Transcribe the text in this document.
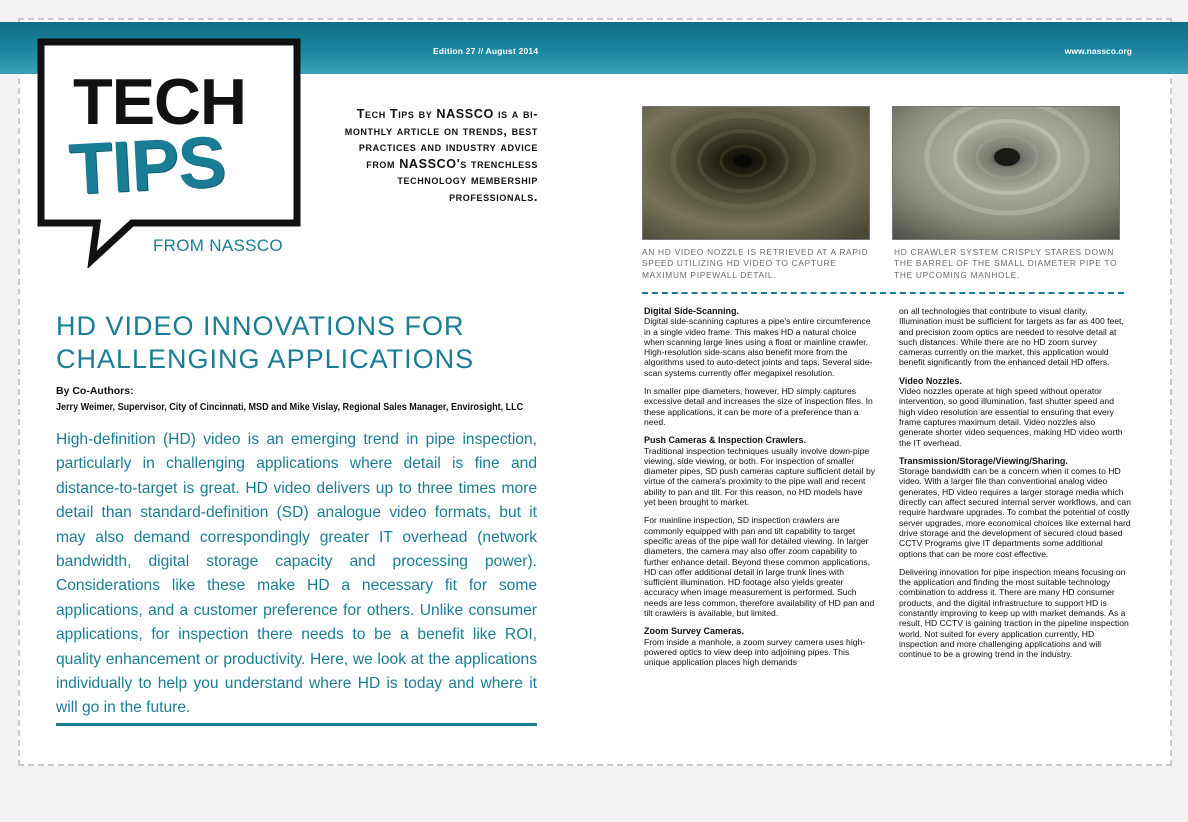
Edition 27 // August 2014	www.nassco.org
TECH
TIPS
FROM NASSCO
Tech Tips by NASSCO is a bi-monthly article on trends, best practices and industry advice from NASSCO's trenchless technology membership professionals.
HD VIDEO INNOVATIONS FOR CHALLENGING APPLICATIONS
By Co-Authors:
Jerry Weimer, Supervisor, City of Cincinnati, MSD and Mike Vislay, Regional Sales Manager, Envirosight, LLC
High-definition (HD) video is an emerging trend in pipe inspection, particularly in challenging applications where detail is fine and distance-to-target is great. HD video delivers up to three times more detail than standard-definition (SD) analogue video formats, but it may also demand correspondingly greater IT overhead (network bandwidth, digital storage capacity and processing power). Considerations like these make HD a necessary fit for some applications, and a customer preference for others. Unlike consumer applications, for inspection there needs to be a benefit like ROI, quality enhancement or productivity. Here, we look at the applications individually to help you understand where HD is today and where it will go in the future.
AN HD VIDEO NOZZLE IS RETRIEVED AT A RAPID SPEED UTILIZING HD VIDEO TO CAPTURE MAXIMUM PIPEWALL DETAIL.
HD CRAWLER SYSTEM CRISPLY STARES DOWN THE BARREL OF THE SMALL DIAMETER PIPE TO THE UPCOMING MANHOLE.
Digital Side-Scanning.

Digital side-scanning captures a pipe's entire circumference in a single video frame. This makes HD a natural choice when scanning large lines using a float or mainline crawler. High-resolution side-scans also benefit more from the algorithms used to auto-detect joints and taps. Several side-scan systems currently offer megapixel resolution.

In smaller pipe diameters, however, HD simply captures excessive detail and increases the size of inspection files. In these applications, it can be more of a preference than a need.

Push Cameras & Inspection Crawlers.

Traditional inspection techniques usually involve down-pipe viewing, side viewing, or both. For inspection of smaller diameter pipes, SD push cameras capture sufficient detail by virtue of the camera's proximity to the pipe wall and recent ability to pan and tilt. For this reason, no HD models have yet been brought to market.

For mainline inspection, SD inspection crawlers are commonly equipped with pan and tilt capability to target specific areas of the pipe wall for detailed viewing. In larger diameters, the camera may also offer zoom capability to further enhance detail. Beyond these common applications, HD can offer additional detail in large trunk lines with sufficient illumination. HD footage also yields greater accuracy when image measurement is performed. Such needs are less common, therefore availability of HD pan and tilt crawlers is available, but limited.

Zoom Survey Cameras.

From inside a manhole, a zoom survey camera uses high-powered optics to view deep into adjoining pipes. This unique application places high demands

on all technologies that contribute to visual clarity. Illumination must be sufficient for targets as far as 400 feet, and precision zoom optics are needed to resolve detail at such distances. While there are no HD zoom survey cameras currently on the market, this application would benefit significantly from the enhanced detail HD offers.

Video Nozzles.

Video nozzles operate at high speed without operator intervention, so good illumination, fast shutter speed and high video resolution are essential to ensuring that every frame captures maximum detail. Video nozzles also generate shorter video sequences, making HD video worth the IT overhead.

Transmission/Storage/Viewing/Sharing.

Storage bandwidth can be a concern when it comes to HD video. With a larger file than conventional analog video generates, HD video requires a larger storage media which directly can affect secured internal server workflows, and can require hardware upgrades. To combat the potential of costly server upgrades, more economical choices like external hard drive storage and the development of secured cloud based CCTV Programs give IT departments some additional options that can be more cost effective.

Delivering innovation for pipe inspection means focusing on the application and finding the most suitable technology combination to address it. There are many HD consumer products, and the digital infrastructure to support HD is constantly improving to keep up with market demands. As a result, HD CCTV is gaining traction in the pipeline inspection world. Not suited for every application currently, HD inspection and more challenging applications and will continue to be a growing trend in the industry.
